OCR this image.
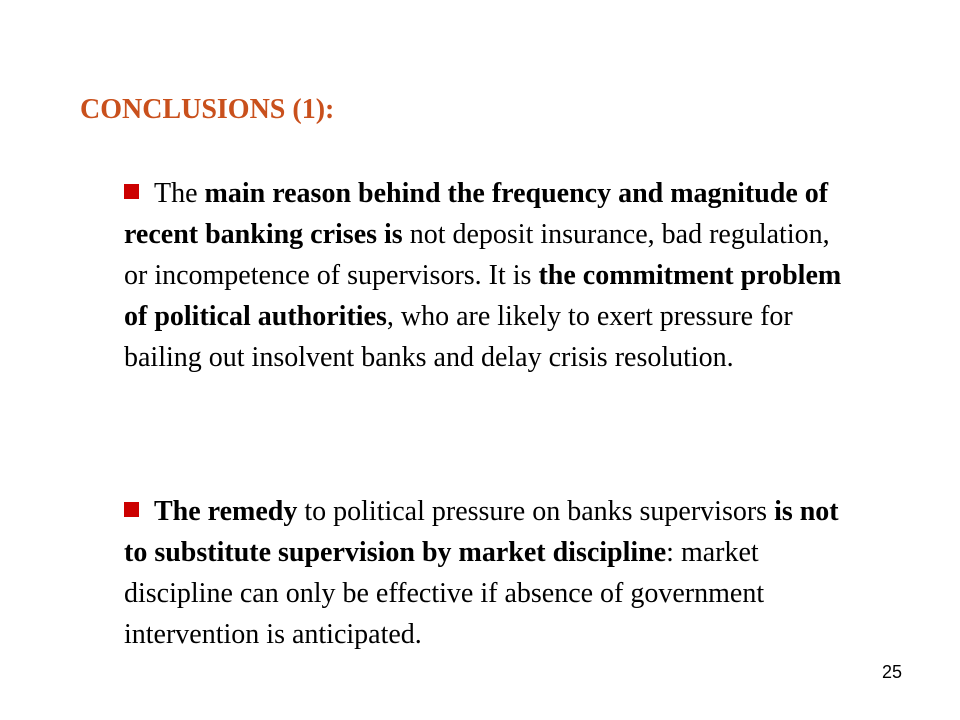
CONCLUSIONS (1):
The main reason behind the frequency and magnitude of recent banking crises is not deposit insurance, bad regulation, or incompetence of supervisors. It is the commitment problem of political authorities, who are likely to exert pressure for bailing out insolvent banks and delay crisis resolution.
The remedy to political pressure on banks supervisors is not to substitute supervision by market discipline: market discipline can only be effective if absence of government intervention is anticipated.
25
